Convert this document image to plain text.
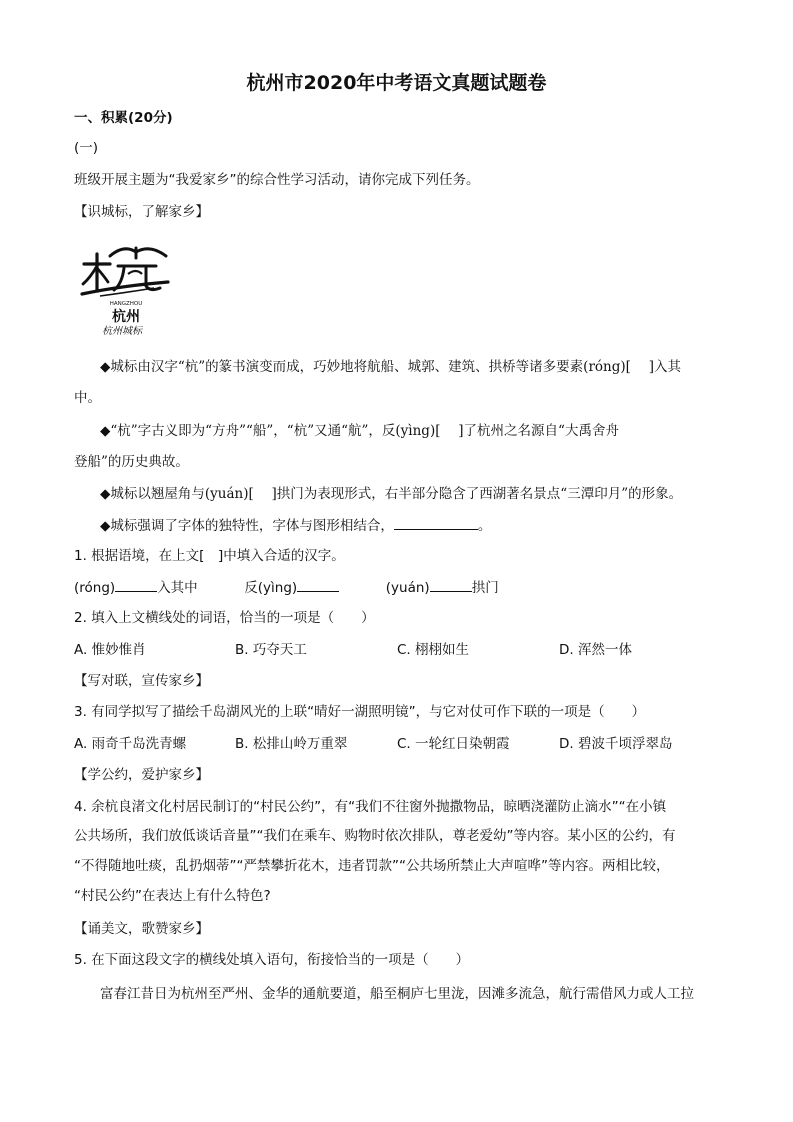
杭州市2020年中考语文真题试题卷
一、积累(20分)
(一)
班级开展主题为“我爱家乡”的综合性学习活动，请你完成下列任务。
【识城标，了解家乡】
HANGZHOU
杭州
杭州城标
◆城标由汉字“杭”的篆书演变而成，巧妙地将航船、城郭、建筑、拱桥等诸多要素(róng)[　 ]入其
中。
◆“杭”字古义即为“方舟”“船”，“杭”又通“航”，反(yìng)[　 ]了杭州之名源自“大禹舍舟
登船”的历史典故。
◆城标以翘屋角与(yuán)[　 ]拱门为表现形式，右半部分隐含了西湖著名景点“三潭印月”的形象。
◆城标强调了字体的独特性，字体与图形相结合，	。
1. 根据语境，在上文[　]中填入合适的汉字。
(róng)	入其中	反(yìng)	(yuán)	拱门
2. 填入上文横线处的词语，恰当的一项是（　　）
A. 惟妙惟肖	B. 巧夺天工	C. 栩栩如生	D. 浑然一体
【写对联，宣传家乡】
3. 有同学拟写了描绘千岛湖风光的上联“晴好一湖照明镜”，与它对仗可作下联的一项是（　　）
A. 雨奇千岛洗青螺	B. 松排山岭万重翠	C. 一轮红日染朝霞	D. 碧波千顷浮翠岛
【学公约，爱护家乡】
4. 余杭良渚文化村居民制订的“村民公约”，有“我们不往窗外抛撒物品，晾晒浇灌防止滴水”“在小镇
公共场所，我们放低谈话音量”“我们在乘车、购物时依次排队，尊老爱幼”等内容。某小区的公约，有
“不得随地吐痰，乱扔烟蒂”“严禁攀折花木，违者罚款”“公共场所禁止大声喧哗”等内容。两相比较，
“村民公约”在表达上有什么特色?
【诵美文，歌赞家乡】
5. 在下面这段文字的横线处填入语句，衔接恰当的一项是（　　）
富春江昔日为杭州至严州、金华的通航要道，船至桐庐七里泷，因滩多流急，航行需借风力或人工拉
